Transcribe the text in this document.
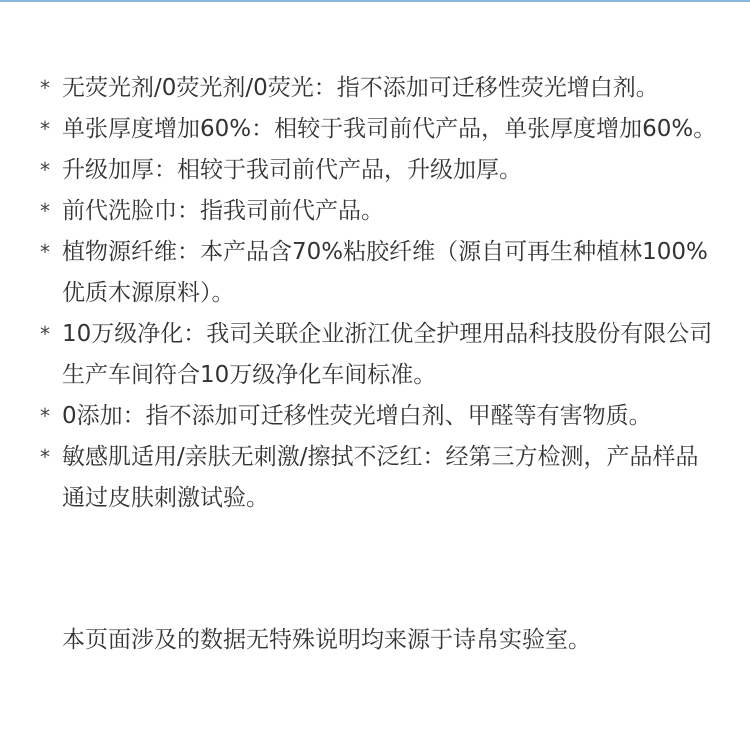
* 无荧光剂/0荧光剂/0荧光：指不添加可迁移性荧光增白剂。
* 单张厚度增加60%：相较于我司前代产品，单张厚度增加60%。
* 升级加厚：相较于我司前代产品，升级加厚。
* 前代洗脸巾：指我司前代产品。
* 植物源纤维：本产品含70%粘胶纤维（源自可再生种植林100%优质木源原料）。
* 10万级净化：我司关联企业浙江优全护理用品科技股份有限公司生产车间符合10万级净化车间标准。
* 0添加：指不添加可迁移性荧光增白剂、甲醛等有害物质。
* 敏感肌适用/亲肤无刺激/擦拭不泛红：经第三方检测，产品样品通过皮肤刺激试验。

本页面涉及的数据无特殊说明均来源于诗帛实验室。
